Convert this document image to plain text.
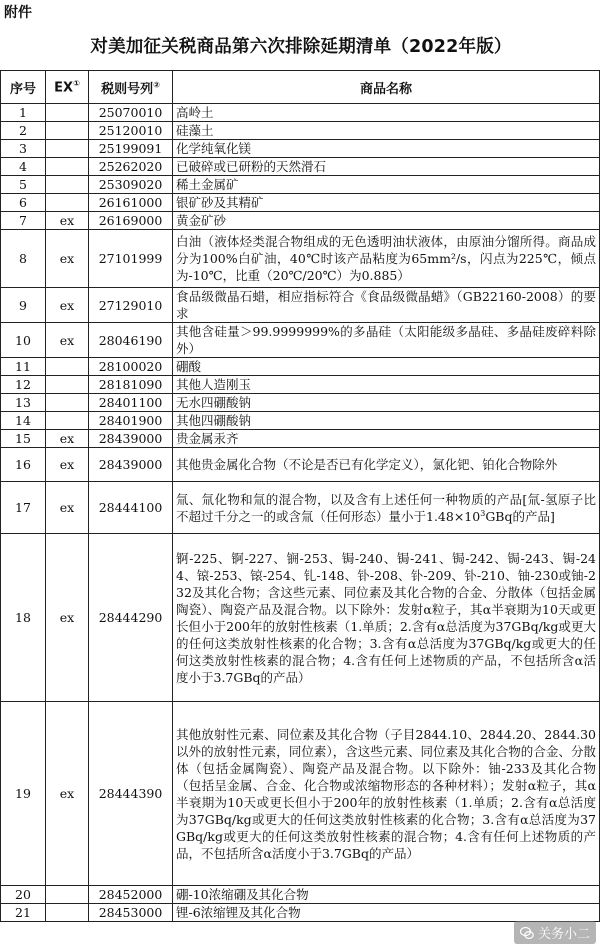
附件
对美加征关税商品第六次排除延期清单（2022年版）
序号	EX①	税则号列②	商品名称
1		25070010	高岭土
2		25120010	硅藻土
3		25199091	化学纯氧化镁
4		25262020	已破碎或已研粉的天然滑石
5		25309020	稀土金属矿
6		26161000	银矿砂及其精矿
7	ex	26169000	黄金矿砂
8	ex	27101999	白油（液体烃类混合物组成的无色透明油状液体，由原油分馏所得。商品成分为100%白矿油，40℃时该产品粘度为65mm²/s，闪点为225℃，倾点为-10℃，比重（20℃/20℃）为0.885）
9	ex	27129010	食品级微晶石蜡，相应指标符合《食品级微晶蜡》（GB22160-2008）的要求
10	ex	28046190	其他含硅量＞99.9999999%的多晶硅（太阳能级多晶硅、多晶硅废碎料除外）
11		28100020	硼酸
12		28181090	其他人造刚玉
13		28401100	无水四硼酸钠
14		28401900	其他四硼酸钠
15	ex	28439000	贵金属汞齐
16	ex	28439000	其他贵金属化合物（不论是否已有化学定义），氯化钯、铂化合物除外
17	ex	28444100	氚、氚化物和氚的混合物，以及含有上述任何一种物质的产品[氚-氢原子比不超过千分之一的或含氚（任何形态）量小于$1.48\times 10^3GBq$的产品]
18	ex	28444290	锕-225、锕-227、锎-253、锔-240、锔-241、锔-242、锔-243、锔-244、锿-253、锿-254、钆-148、钋-208、钋-209、钋-210、铀-230或铀-232及其化合物；含这些元素、同位素及其化合物的合金、分散体（包括金属陶瓷）、陶瓷产品及混合物。以下除外：发射α粒子，其α半衰期为10天或更长但小于200年的放射性核素（1.单质；2.含有α总活度为37GBq/kg或更大的任何这类放射性核素的化合物；3.含有α总活度为37GBq/kg或更大的任何这类放射性核素的混合物；4.含有任何上述物质的产品，不包括所含α活度小于3.7GBq的产品）
19	ex	28444390	其他放射性元素、同位素及其化合物（子目2844.10、2844.20、2844.30以外的放射性元素，同位素），含这些元素、同位素及其化合物的合金、分散体（包括金属陶瓷）、陶瓷产品及混合物。以下除外：铀-233及其化合物（包括呈金属、合金、化合物或浓缩物形态的各种材料）；发射α粒子，其α半衰期为10天或更长但小于200年的放射性核素（1.单质；2.含有α总活度为37GBq/kg或更大的任何这类放射性核素的化合物；3.含有α总活度为37GBq/kg或更大的任何这类放射性核素的混合物；4.含有任何上述物质的产品，不包括所含α活度小于3.7GBq的产品）
20		28452000	硼-10浓缩硼及其化合物
21		28453000	锂-6浓缩锂及其化合物
关务小二
